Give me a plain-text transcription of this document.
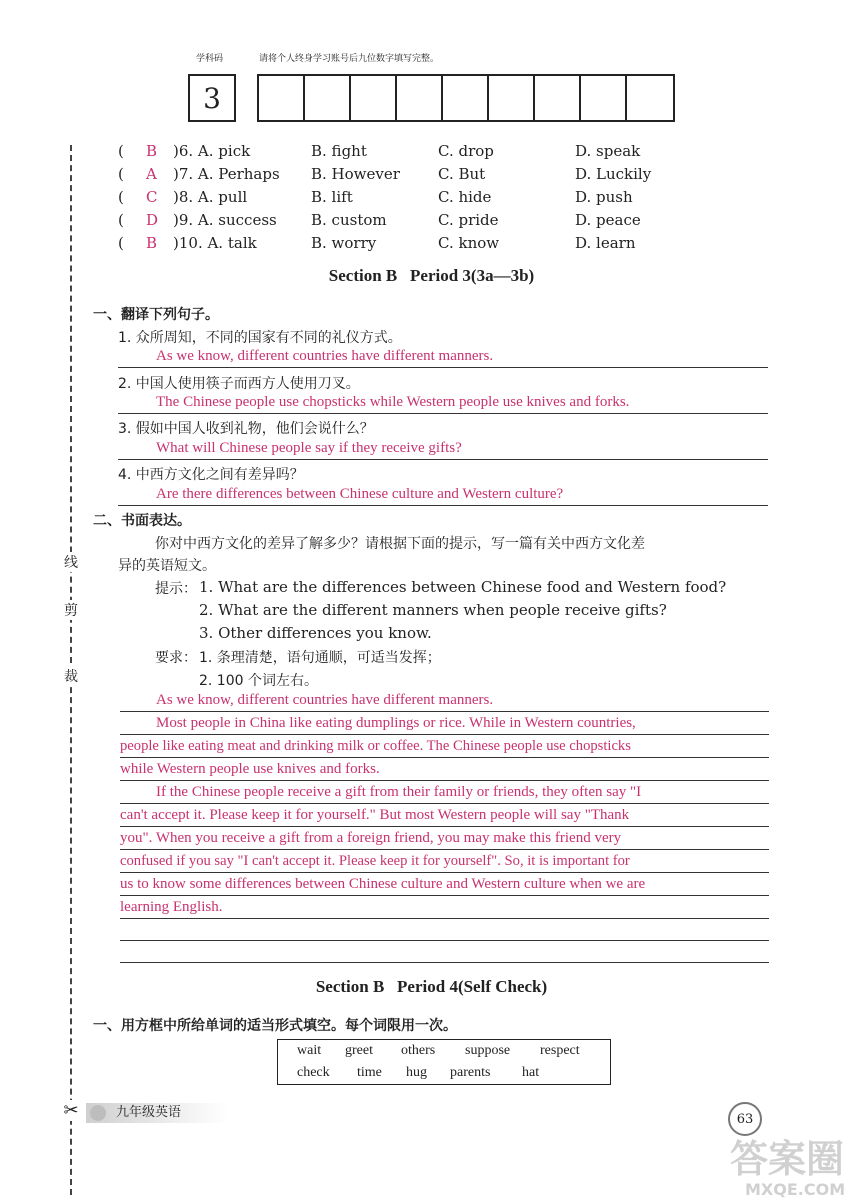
学科码	请将个人终身学习账号后九位数字填写完整。
3
线
剪
裁
✂
( B )6. A. pick	B. fight	C. drop	D. speak
( A )7. A. Perhaps B. However	C. But	D. Luckily
( C )8. A. pull	B. lift	C. hide	D. push
( D )9. A. success B. custom	C. pride	D. peace
( B )10. A. talk	B. worry	C. know	D. learn
Section B   Period 3(3a—3b)
一、翻译下列句子。
1. 众所周知，不同的国家有不同的礼仪方式。
As we know, different countries have different manners.
2. 中国人使用筷子而西方人使用刀叉。
The Chinese people use chopsticks while Western people use knives and forks.
3. 假如中国人收到礼物，他们会说什么？
What will Chinese people say if they receive gifts?
4. 中西方文化之间有差异吗？
Are there differences between Chinese culture and Western culture?
二、书面表达。
你对中西方文化的差异了解多少？请根据下面的提示，写一篇有关中西方文化差
异的英语短文。
提示： 1. What are the differences between Chinese food and Western food?
2. What are the different manners when people receive gifts?
3. Other differences you know.
要求： 1. 条理清楚，语句通顺，可适当发挥；
2. 100 个词左右。
As we know, different countries have different manners.
Most people in China like eating dumplings or rice. While in Western countries,
people like eating meat and drinking milk or coffee. The Chinese people use chopsticks
while Western people use knives and forks.
If the Chinese people receive a gift from their family or friends, they often say "I
can't accept it. Please keep it for yourself." But most Western people will say "Thank
you". When you receive a gift from a foreign friend, you may make this friend very
confused if you say "I can't accept it. Please keep it for yourself". So, it is important for
us to know some differences between Chinese culture and Western culture when we are
learning English.
Section B   Period 4(Self Check)
一、用方框中所给单词的适当形式填空。每个词限用一次。
wait greet others suppose respect
check time hug parents hat
九年级英语	63
答案圈
MXQE.COM
